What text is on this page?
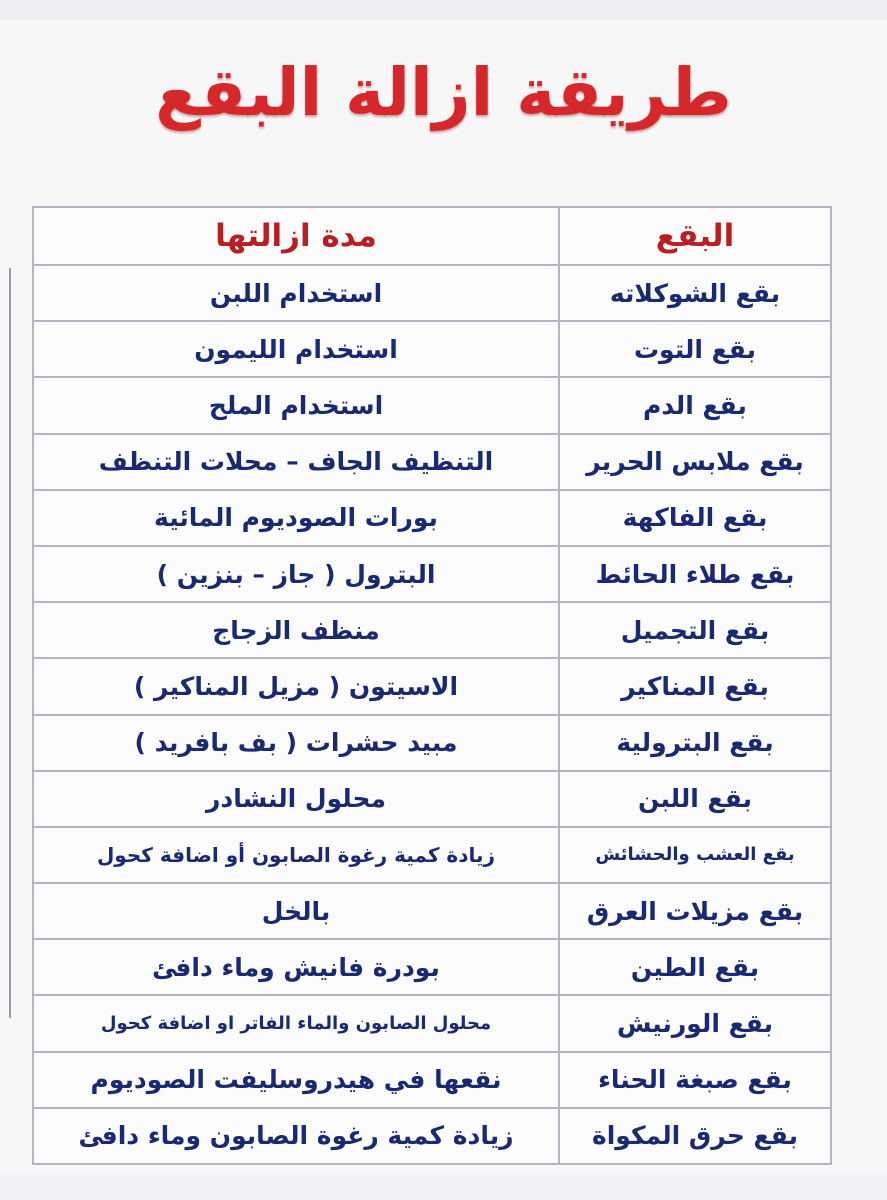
طريقة ازالة البقع
البقع	مدة ازالتها
بقع الشوكلاته	استخدام اللبن
بقع التوت	استخدام الليمون
بقع الدم	استخدام الملح
بقع ملابس الحرير	التنظيف الجاف – محلات التنظف
بقع الفاكهة	بورات الصوديوم المائية
بقع طلاء الحائط	البترول ( جاز – بنزين )
بقع التجميل	منظف الزجاج
بقع المناكير	الاسيتون ( مزيل المناكير )
بقع البترولية	مبيد حشرات ( بف بافريد )
بقع اللبن	محلول النشادر
بقع العشب والحشائش	زيادة كمية رغوة الصابون أو اضافة كحول
بقع مزيلات العرق	بالخل
بقع الطين	بودرة فانيش وماء دافئ
بقع الورنيش	محلول الصابون والماء الفاتر او اضافة كحول
بقع صبغة الحناء	نقعها في هيدروسليفت الصوديوم
بقع حرق المكواة	زيادة كمية رغوة الصابون وماء دافئ
